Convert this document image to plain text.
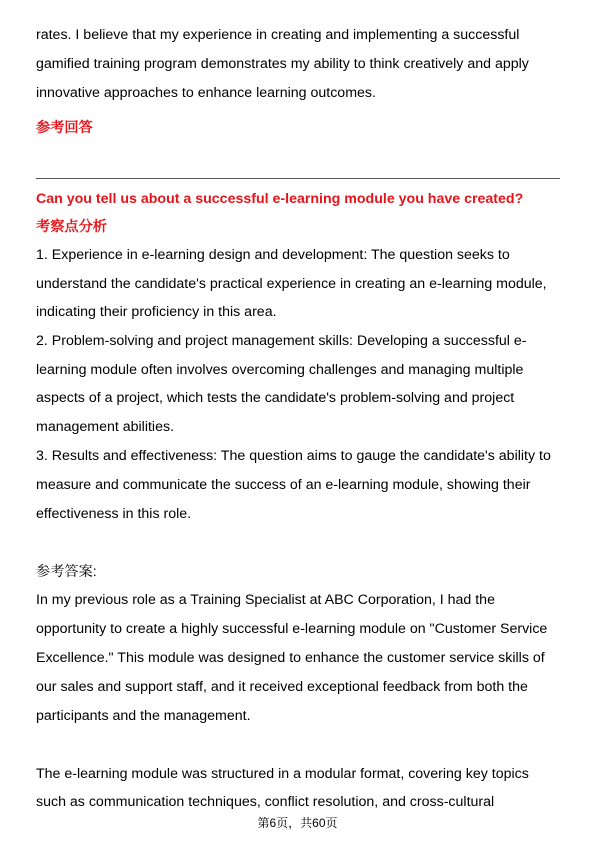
rates. I believe that my experience in creating and implementing a successful
gamified training program demonstrates my ability to think creatively and apply
innovative approaches to enhance learning outcomes.
参考回答
Can you tell us about a successful e-learning module you have created?
考察点分析
1. Experience in e-learning design and development: The question seeks to
understand the candidate's practical experience in creating an e-learning module,
indicating their proficiency in this area.
2. Problem-solving and project management skills: Developing a successful e-
learning module often involves overcoming challenges and managing multiple
aspects of a project, which tests the candidate's problem-solving and project
management abilities.
3. Results and effectiveness: The question aims to gauge the candidate's ability to
measure and communicate the success of an e-learning module, showing their
effectiveness in this role.
参考答案:
In my previous role as a Training Specialist at ABC Corporation, I had the
opportunity to create a highly successful e-learning module on "Customer Service
Excellence." This module was designed to enhance the customer service skills of
our sales and support staff, and it received exceptional feedback from both the
participants and the management.
The e-learning module was structured in a modular format, covering key topics
such as communication techniques, conflict resolution, and cross-cultural
第6页，共60页
